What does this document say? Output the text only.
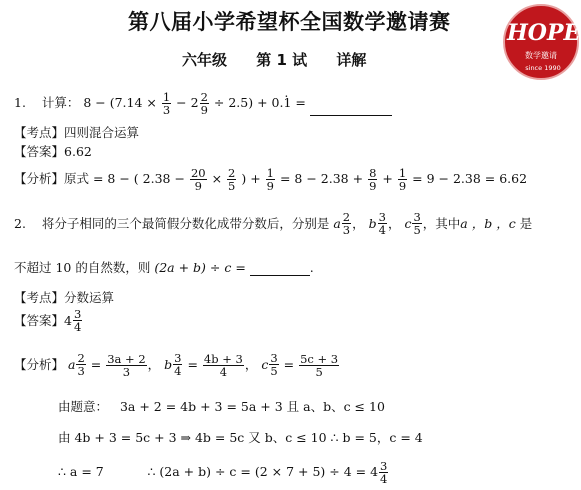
第八届小学希望杯全国数学邀请赛
六年级 第 1 试 详解
HOPE
数学邀请
since 1990
1. 计算： $8 - (7.14 \times \frac{1}{3} - 2 \frac{2}{9} \div 2.5) + 0.1$ . =
【考点】四则混合运算
【答案】6.62
【分析】原式 = 8 − ( $2.38 - \frac{20}{9} \times \frac{2}{5}$ ) + $\frac{1}{9} = 8 - 2.38 + \frac{8}{9} + \frac{1}{9} = 9 - 2.38 = 6.62$
2. 将分子相同的三个最简假分数化成带分数后，分别是 a $\frac{2}{3}$ ， b $\frac{3}{4}$ ， c $\frac{3}{5}$ ，其中a ，b ，c 是
不超过 10 的自然数，则 (2a + b) ÷ c =	.
【考点】分数运算
【答案】 $4 \frac{3}{4}$
【分析】 a $\frac{2}{3} = \frac{3a + 2}{3}$ ， b $\frac{3}{4} = \frac{4b + 3}{4}$ ， c $\frac{3}{5} = \frac{5c + 3}{5}$
由题意： 3a + 2 = 4b + 3 = 5a + 3 且 a、b、c ≤ 10
由 4b + 3 = 5c + 3 ⇒ 4b = 5c 又 b、c ≤ 10 ∴ b = 5，c = 4
∴ a = 7	∴ $(2a + b) \div c = (2 \times 7 + 5) \div 4 = 4 \frac{3}{4}$
